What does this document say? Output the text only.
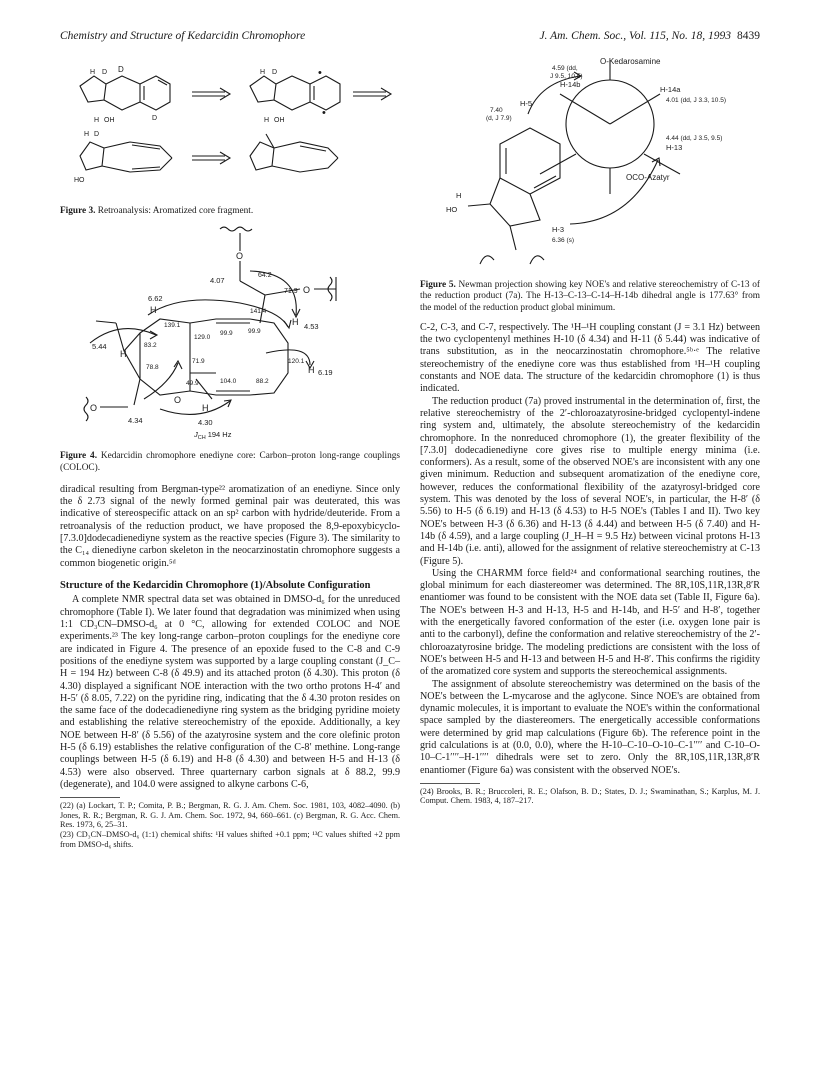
Chemistry and Structure of Kedarcidin Chromophore	J. Am. Chem. Soc., Vol. 115, No. 18, 1993 8439
D
H D
H OH	D
H D	•
•
H OH
H D
HO
Figure 3. Retroanalysis: Aromatized core fragment.
O
4.07
64.2
71.9 O
6.62
H
139.1
141.4
4.53
H
5.44	83.2
129.0
99.9 99.9
H
78.8
71.9	120.1
6.19
H
49.9	104.0	88.2
O
O
4.34
H
4.30
$J_{CH}$ 194 Hz
Figure 4. Kedarcidin chromophore enediyne core: Carbon–proton long-range couplings (COLOC).

diradical resulting from Bergman-type²² aromatization of an enediyne. Since only the δ 2.73 signal of the newly formed geminal pair was deuterated, this was indicative of stereospecific attack on an sp² carbon with hydride/deuteride. From a retroanalysis of the reduction product, we have proposed the 8,9-epoxybicyclo-[7.3.0]dodecadienediyne system as the reactive species (Figure 3). The similarity to the C₁₄ dienediyne carbon skeleton in the neocarzinostatin chromophore suggests a common biogenetic origin.⁵ᵈ

Structure of the Kedarcidin Chromophore (1)/Absolute Configuration

A complete NMR spectral data set was obtained in DMSO-d₆ for the unreduced chromophore (Table I). We later found that degradation was minimized when using 1:1 CD₃CN–DMSO-d₆ at 0 °C, allowing for extended COLOC and NOE experiments.²³ The key long-range carbon–proton couplings for the enediyne core are indicated in Figure 4. The presence of an epoxide fused to the C-8 and C-9 positions of the enediyne system was supported by a large coupling constant (J_C–H = 194 Hz) between C-8 (δ 49.9) and its attached proton (δ 4.30). This proton (δ 4.30) displayed a significant NOE interaction with the two ortho protons H-4′ and H-5′ (δ 8.05, 7.22) on the pyridine ring, indicating that the δ 4.30 proton resides on the same face of the dodecadienediyne ring system as the bridging pyridine moiety and establishing the relative stereochemistry of the epoxide. Additionally, a key NOE between H-8′ (δ 5.56) of the azatyrosine system and the core olefinic proton H-5 (δ 6.19) establishes the relative configuration of the C-8′ methine. Long-range couplings between H-5 (δ 6.19) and H-8 (δ 4.30) and between H-5 and H-13 (δ 4.53) were also observed. Three quarternary carbon signals at δ 88.2, 99.9 (degenerate), and 104.0 were assigned to alkyne carbons C-6,

(22) (a) Lockart, T. P.; Comita, P. B.; Bergman, R. G. J. Am. Chem. Soc. 1981, 103, 4082–4090. (b) Jones, R. R.; Bergman, R. G. J. Am. Chem. Soc. 1972, 94, 660–661. (c) Bergman, R. G. Acc. Chem. Res. 1973, 6, 25–31.
(23) CD₃CN–DMSO-d₆ (1:1) chemical shifts: ¹H values shifted +0.1 ppm; ¹³C values shifted +2 ppm from DMSO-d₆ shifts.
O-Kedarosamine
4.59 (dd,
J 9.5, 10.5)
H-14b
H-14a
4.01 (dd, J 3.3, 10.5)
7.40
(d, J 7.9)
H-5
4.44 (dd, J 3.5, 9.5)
H-13
OCO-Azatyr
H
HO
H-3
6.36 (s)
Figure 5. Newman projection showing key NOE's and relative stereochemistry of C-13 of the reduction product (7a). The H-13–C-13–C-14–H-14b dihedral angle is 177.63° from the model of the reduction product global minimum.

C-2, C-3, and C-7, respectively. The ¹H–¹H coupling constant (J = 3.1 Hz) between the two cyclopentenyl methines H-10 (δ 4.34) and H-11 (δ 5.44) was indicative of trans substitution, as in the neocarzinostatin chromophore.⁵ᵇ·ᵉ The relative stereochemistry of the enediyne core was thus established from ¹H–¹H coupling constants and NOE data. The structure of the kedarcidin chromophore (1) is thus indicated.

The reduction product (7a) proved instrumental in the determination of, first, the relative stereochemistry of the 2′-chloroazatyrosine-bridged cyclopentyl-indene ring system and, ultimately, the absolute stereochemistry of the kedarcidin chromophore. In the nonreduced chromophore (1), the greater flexibility of the [7.3.0] dodecadienediyne core gives rise to multiple energy minima (i.e. conformers). As a result, some of the observed NOE's are inconsistent with any one given minimum. Reduction and subsequent aromatization of the enediyne core, however, reduces the conformational flexibility of the azatyrosyl-bridged core system. This was denoted by the loss of several NOE's, in particular, the H-8′ (δ 5.56) to H-5 (δ 6.19) and H-13 (δ 4.53) to H-5 NOE's (Tables I and II). Two key NOE's between H-3 (δ 6.36) and H-13 (δ 4.44) and between H-5 (δ 7.40) and H-14b (δ 4.59), and a large coupling (J_H–H = 9.5 Hz) between vicinal protons H-13 and H-14b (i.e. anti), allowed for the assignment of relative stereochemistry at C-13 (Figure 5).

Using the CHARMM force field²⁴ and conformational searching routines, the global minimum for each diastereomer was determined. The 8R,10S,11R,13R,8′R enantiomer was found to be consistent with the NOE data set (Table II, Figure 6a). The NOE's between H-3 and H-13, H-5 and H-14b, and H-5′ and H-8′, together with the energetically favored conformation of the ester (i.e. oxygen lone pair is anti to the carbonyl), define the conformation and relative stereochemistry of the 2′-chloroazatyrosine bridge. The modeling predictions are consistent with the loss of NOE's between H-5 and H-13 and between H-5 and H-8′. This confirms the rigidity of the aromatized core system and supports the stereochemical assignments.

The assignment of absolute stereochemistry was determined on the basis of the NOE's between the L-mycarose and the aglycone. Since NOE's are obtained from dynamic molecules, it is important to evaluate the NOE's within the conformational space sampled by the diastereomers. The energetically accessible conformations were determined by grid map calculations (Figure 6b). The reference point in the grid calculations is at (0.0, 0.0), where the H-10–C-10–O-10–C-1′′′′ and C-10–O-10–C-1′′′′–H-1′′′′ dihedrals were set to zero. Only the 8R,10S,11R,13R,8′R enantiomer (Figure 6a) was consistent with the observed NOE's.

(24) Brooks, B. R.; Bruccoleri, R. E.; Olafson, B. D.; States, D. J.; Swaminathan, S.; Karplus, M. J. Comput. Chem. 1983, 4, 187–217.
